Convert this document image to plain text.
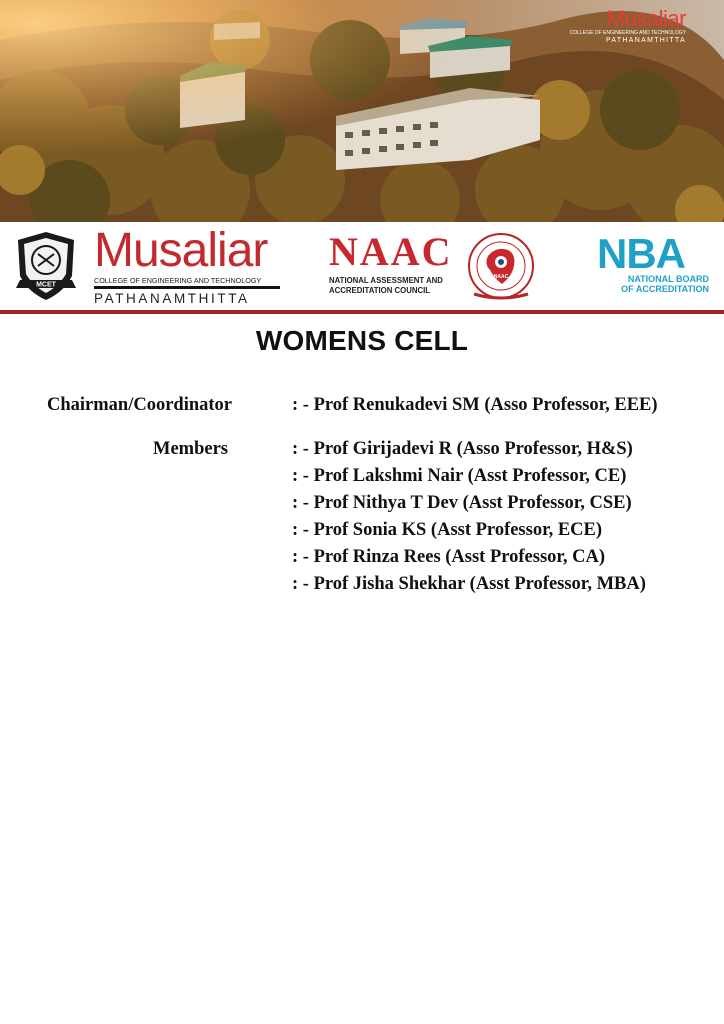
Musaliar
COLLEGE OF ENGINEERING AND TECHNOLOGY
PATHANAMTHITTA
MCET
Musaliar
COLLEGE OF ENGINEERING AND TECHNOLOGY
PATHANAMTHITTA
NAAC
NATIONAL ASSESSMENT AND
ACCREDITATION COUNCIL
NAAC NBA
NATIONAL BOARD
OF ACCREDITATION
WOMENS CELL
Chairman/Coordinator	: - Prof Renukadevi SM (Asso Professor, EEE)
Members	: - Prof Girijadevi R (Asso Professor, H&S)
: - Prof Lakshmi Nair (Asst Professor, CE)
: - Prof Nithya T Dev (Asst Professor, CSE)
: - Prof Sonia KS (Asst Professor, ECE)
: - Prof Rinza Rees (Asst Professor, CA)
: - Prof Jisha Shekhar (Asst Professor, MBA)
